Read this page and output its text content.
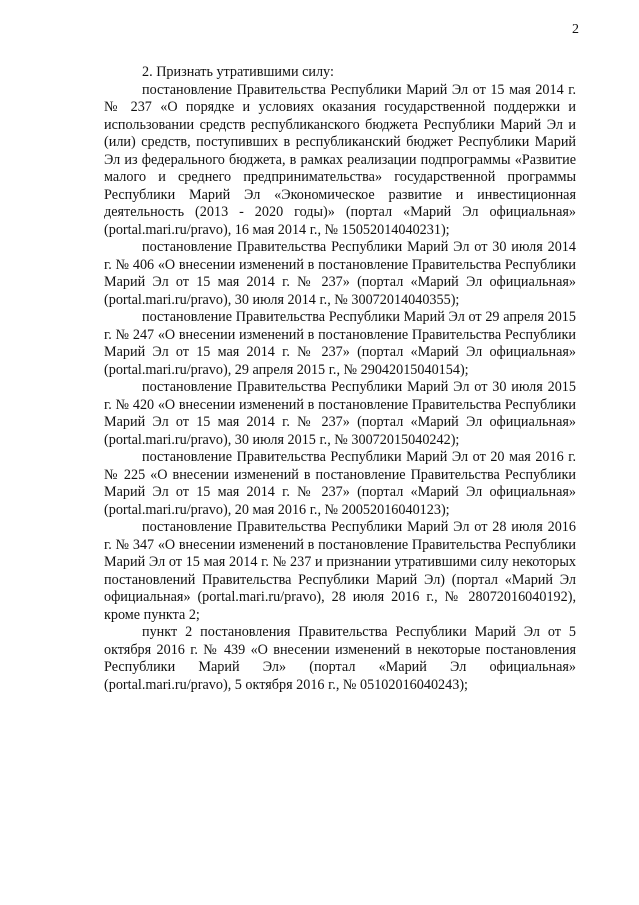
2

2. Признать утратившими силу:

постановление Правительства Республики Марий Эл от 15 мая 2014 г. № 237 «О порядке и условиях оказания государственной поддержки и использовании средств республиканского бюджета Республики Марий Эл и (или) средств, поступивших в республиканский бюджет Республики Марий Эл из федерального бюджета, в рамках реализации подпрограммы «Развитие малого и среднего предпринимательства» государственной программы Республики Марий Эл «Экономическое развитие и инвестиционная деятельность (2013 - 2020 годы)» (портал «Марий Эл официальная» (portal.mari.ru/pravo), 16 мая 2014 г., № 15052014040231);

постановление Правительства Республики Марий Эл от 30 июля 2014 г. № 406 «О внесении изменений в постановление Правительства Республики Марий Эл от 15 мая 2014 г. № 237» (портал «Марий Эл официальная» (portal.mari.ru/pravo), 30 июля 2014 г., № 30072014040355);

постановление Правительства Республики Марий Эл от 29 апреля 2015 г. № 247 «О внесении изменений в постановление Правительства Республики Марий Эл от 15 мая 2014 г. № 237» (портал «Марий Эл официальная» (portal.mari.ru/pravo), 29 апреля 2015 г., № 29042015040154);

постановление Правительства Республики Марий Эл от 30 июля 2015 г. № 420 «О внесении изменений в постановление Правительства Республики Марий Эл от 15 мая 2014 г. № 237» (портал «Марий Эл официальная» (portal.mari.ru/pravo), 30 июля 2015 г., № 30072015040242);

постановление Правительства Республики Марий Эл от 20 мая 2016 г. № 225 «О внесении изменений в постановление Правительства Республики Марий Эл от 15 мая 2014 г. № 237» (портал «Марий Эл официальная» (portal.mari.ru/pravo), 20 мая 2016 г., № 20052016040123);

постановление Правительства Республики Марий Эл от 28 июля 2016 г. № 347 «О внесении изменений в постановление Правительства Республики Марий Эл от 15 мая 2014 г. № 237 и признании утратившими силу некоторых постановлений Правительства Республики Марий Эл) (портал «Марий Эл официальная» (portal.mari.ru/pravo), 28 июля 2016 г., № 28072016040192), кроме пункта 2;

пункт 2 постановления Правительства Республики Марий Эл от 5 октября 2016 г. № 439 «О внесении изменений в некоторые постановления Республики Марий Эл» (портал «Марий Эл официальная» (portal.mari.ru/pravo), 5 октября 2016 г., № 05102016040243);
